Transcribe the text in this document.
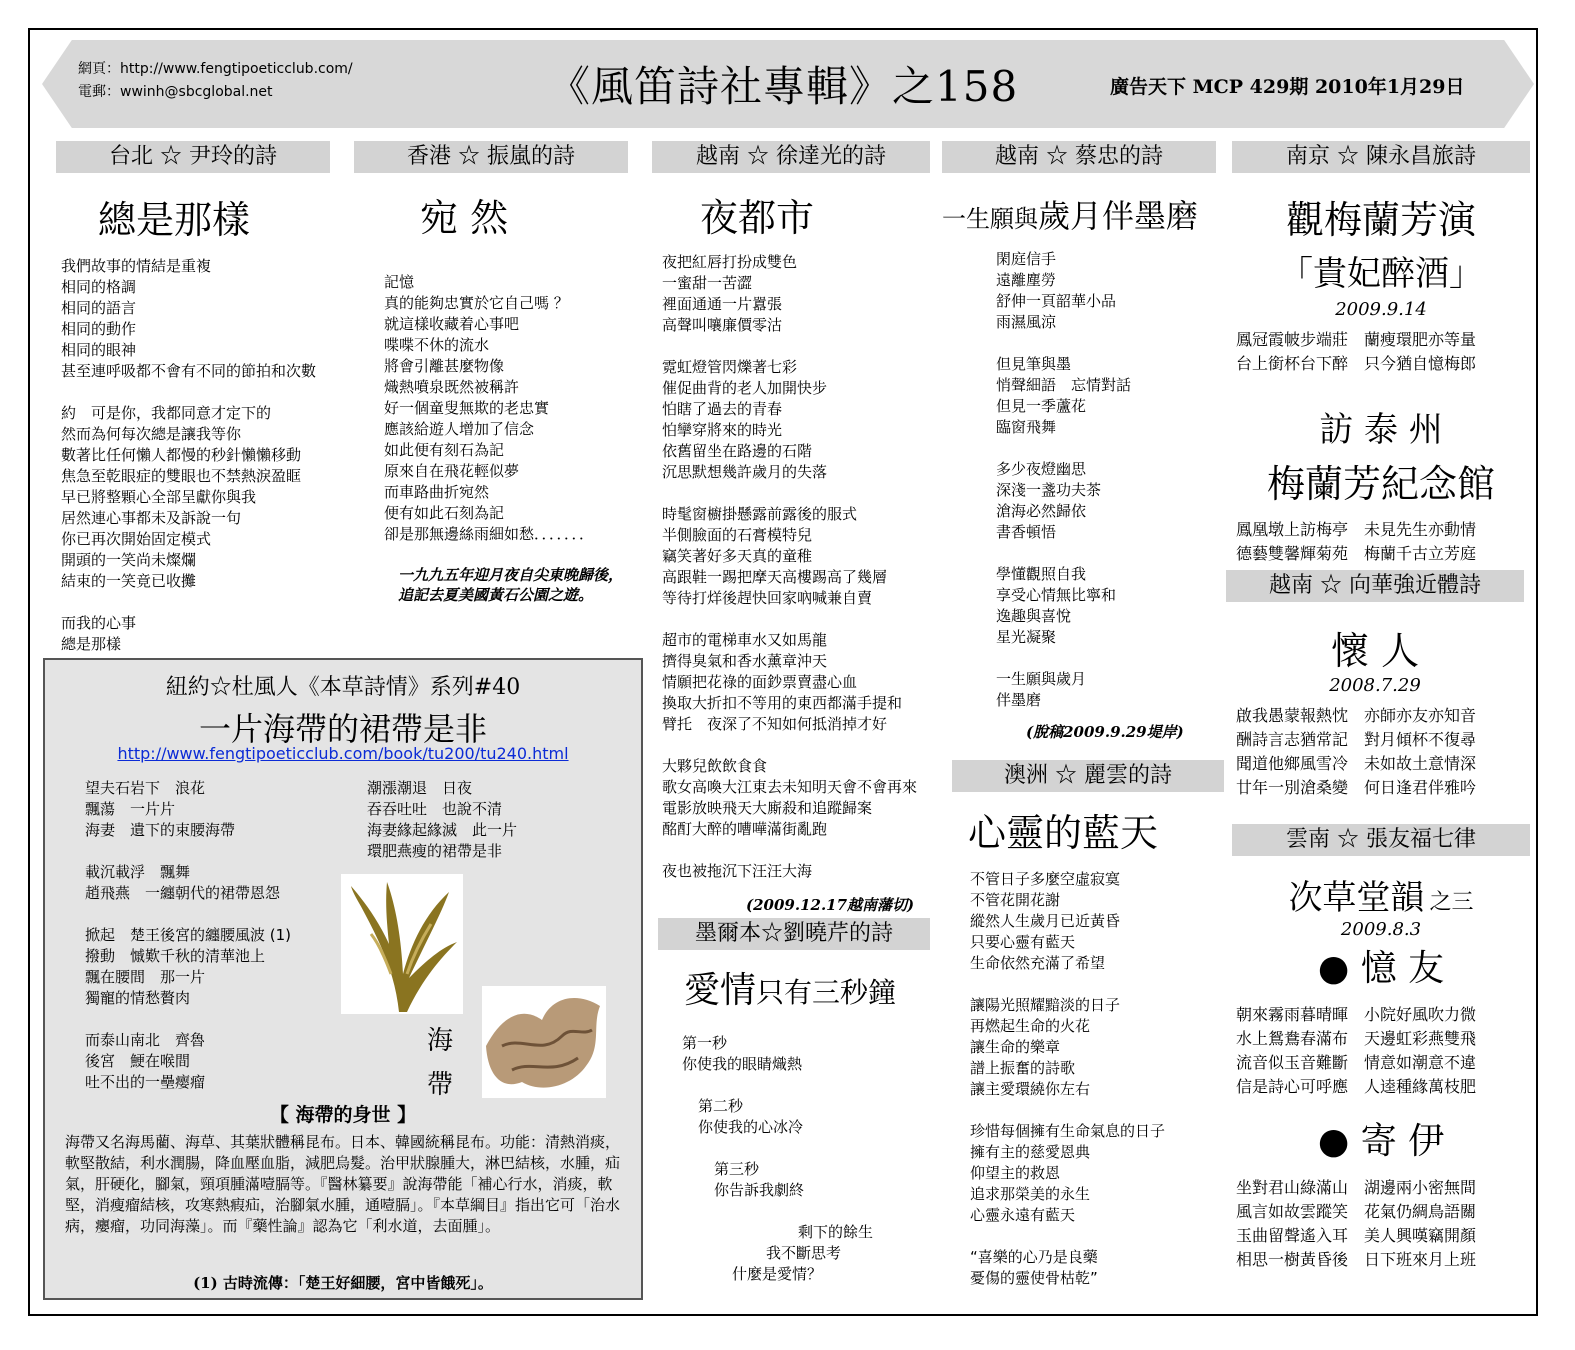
網頁：http://www.fengtipoeticclub.com/
電郵：wwinh@sbcglobal.net	《風笛詩社專輯》之158	廣告天下 MCP 429期 2010年1月29日
台北 ☆ 尹玲的詩
總是那樣
我們故事的情結是重複
相同的格調
相同的語言
相同的動作
相同的眼神
甚至連呼吸都不會有不同的節拍和次數

約　可是你，我都同意才定下的
然而為何每次總是讓我等你
數著比任何懶人都慢的秒針懶懶移動
焦急至乾眼症的雙眼也不禁熱淚盈眶
早已將整顆心全部呈獻你與我
居然連心事都未及訴說一句
你已再次開始固定模式
開頭的一笑尚未燦爛
結束的一笑竟已收攤

而我的心事
總是那樣
香港 ☆ 振嵐的詩
宛 然
記憶
真的能夠忠實於它自己嗎 ？
就這樣收藏着心事吧
喋喋不休的流水
將會引離甚麼物像
熾熱噴泉既然被稱許
好一個童叟無欺的老忠實
應該給遊人增加了信念
如此便有刻石為記
原來自在飛花輕似夢
而車路曲折宛然
便有如此石刻為記
卻是那無邊絲雨細如愁．．．．．．．
一九九五年迎月夜自尖東晚歸後，
追記去夏美國黃石公園之遊。
越南 ☆ 徐達光的詩
夜都市
夜把紅唇打扮成雙色
一蜜甜一苦澀
裡面通通一片囂張
高聲叫嚷廉價零沽

霓虹燈管閃爍著七彩
催促曲背的老人加開快步
怕瞎了過去的青春
怕攣穿將來的時光
依舊留坐在路邊的石階
沉思默想幾許歲月的失落

時髦窗櫥掛懸露前露後的服式
半側臉面的石膏模特兒
竊笑著好多天真的童稚
高跟鞋一踢把摩天高樓踢高了幾層
等待打烊後趕快回家吶喊兼自賣

超市的電梯車水又如馬龍
擠得臭氣和香水薰章沖天
情願把花祿的面鈔票賣盡心血
換取大折扣不等用的東西都滿手提和
臂托　夜深了不知如何抵消掉才好

大夥兒飲飲食食
歌女高喚大江東去未知明天會不會再來
電影放映飛天大廝殺和追蹤歸案
酩酊大醉的嘈嘩滿街亂跑

夜也被拖沉下汪汪大海
(2009.12.17越南藩切)
墨爾本☆劉曉芹的詩
愛情只有三秒鐘
第一秒
你使我的眼睛熾熱
第二秒
你使我的心冰冷
第三秒
你告訴我劇終
剩下的餘生
我不斷思考
什麼是愛情？
越南 ☆ 蔡忠的詩
一生願與歲月伴墨磨
閑庭信手
遠離塵勞
舒伸一頁韶華小品
雨濕風涼

但見筆與墨
悄聲細語　忘情對話
但見一季蘆花
臨窗飛舞

多少夜燈幽思
深淺一盞功夫茶
滄海必然歸依
書香頓悟

學懂觀照自我
享受心情無比寧和
逸趣與喜悅
星光凝聚

一生願與歲月
伴墨磨
(脫稿2009.9.29堤岸)
澳洲 ☆ 麗雲的詩
心靈的藍天
不管日子多麼空虛寂寞
不管花開花謝
縱然人生歲月已近黃昏
只要心靈有藍天
生命依然充滿了希望

讓陽光照耀黯淡的日子
再燃起生命的火花
讓生命的樂章
譜上振奮的詩歌
讓主愛環繞你左右

珍惜每個擁有生命氣息的日子
擁有主的慈愛恩典
仰望主的救恩
追求那榮美的永生
心靈永遠有藍天

“喜樂的心乃是良藥
憂傷的靈使骨枯乾”
南京 ☆ 陳永昌旅詩
觀梅蘭芳演
「貴妃醉酒」
2009.9.14
鳳冠霞帔步端莊　蘭瘦環肥亦等量
台上銜杯台下醉　只今猶自憶梅郎
訪 泰 州
梅蘭芳紀念館
鳳凰墩上訪梅亭　未見先生亦動情
德藝雙馨輝菊苑　梅蘭千古立芳庭
越南 ☆ 向華強近體詩
懷 人
2008.7.29
啟我愚蒙報熱忱　亦師亦友亦知音
酬詩言志猶常記　對月傾杯不復尋
聞道他鄉風雪冷　未如故土意情深
廿年一別滄桑變　何日逢君伴雅吟
雲南 ☆ 張友福七律
次草堂韻 之三
2009.8.3
● 憶 友
朝來霧雨暮晴暉　小院好風吹力微
水上鴛鴦春滿布　天邊虹彩燕雙飛
流音似玉音難斷　情意如潮意不違
信是詩心可呼應　人逵種緣萬枝肥
● 寄 伊
坐對君山綠滿山　湖邊兩小密無間
風言如故雲蹤笑　花氣仍綢鳥語關
玉曲留聲遙入耳　美人興嘆竊開顏
相思一樹黃昏後　日下班來月上班
紐約☆杜風人《本草詩情》系列#40
一片海帶的裙帶是非
http://www.fengtipoeticclub.com/book/tu200/tu240.html
望夫石岩下　浪花
飄蕩　一片片
海妻　遺下的束腰海帶

載沉載浮　飄舞
趙飛燕　一纏朝代的裙帶恩怨

掀起　楚王後宮的纏腰風波 (1)
撥動　慽歎千秋的清華池上
飄在腰間　那一片
獨寵的情愁贅肉

而泰山南北　齊魯
後宮　鯁在喉間
吐不出的一壘瘿瘤
潮漲潮退　日夜
吞吞吐吐　也說不清
海妻緣起緣滅　此一片
環肥燕瘦的裙帶是非
海
帶
【 海帶的身世 】
海帶又名海馬藺、海草、其葉狀體稱昆布。日本、韓國統稱昆布。功能：清熱消痰，軟堅散結，利水潤腸，降血壓血脂，減肥烏髮。治甲狀腺腫大，淋巴結核，水腫，疝氣，肝硬化，腳氣，頸項腫滿噎膈等。『醫林纂要』說海帶能「補心行水，消痰，軟堅，消瘦瘤結核，攻寒熱瘕疝，治腳氣水腫，通噎膈」。『本草綱目』指出它可「治水病，癭瘤，功同海藻」。而『藥性論』認為它「利水道，去面腫」。
(1) 古時流傳：「楚王好細腰，宮中皆餓死」。
